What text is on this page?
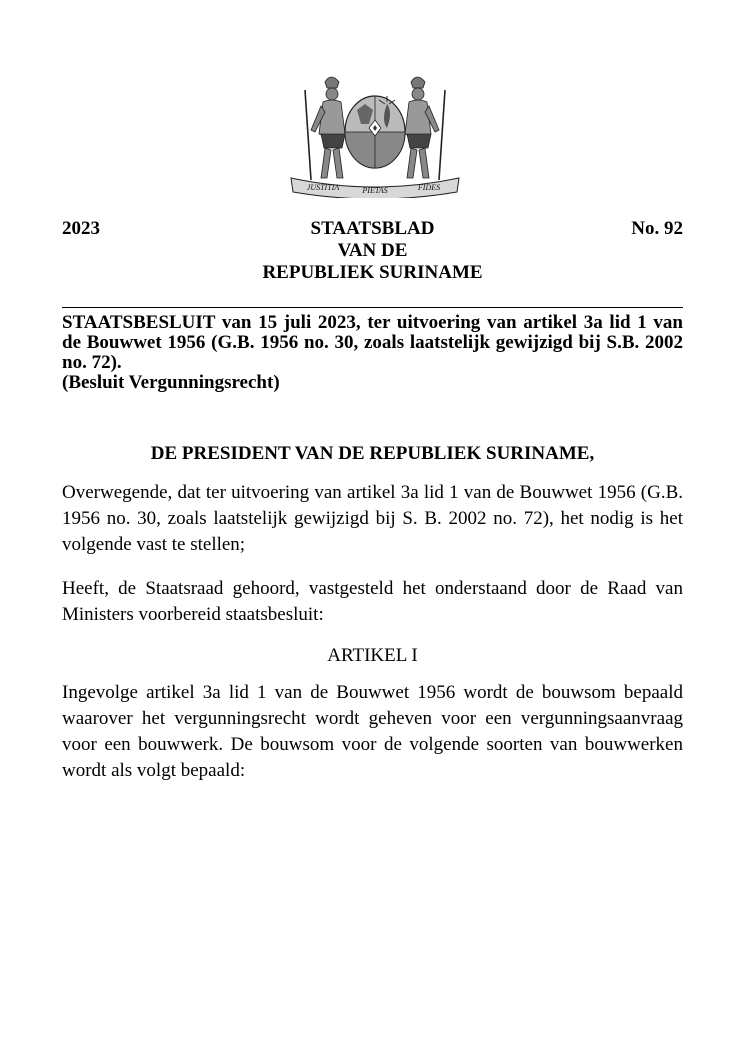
JUSTITIA	PIETAS	FIDES
STAATSBLAD
VAN DE
REPUBLIEK SURINAME
2023	No. 92
STAATSBESLUIT van 15 juli 2023, ter uitvoering van artikel 3a lid 1 van de Bouwwet 1956 (G.B. 1956 no. 30, zoals laatstelijk gewijzigd bij S.B. 2002 no. 72).
(Besluit Vergunningsrecht)
DE PRESIDENT VAN DE REPUBLIEK SURINAME,
Overwegende, dat ter uitvoering van artikel 3a lid 1 van de Bouwwet 1956 (G.B. 1956 no. 30, zoals laatstelijk gewijzigd bij S. B. 2002 no. 72), het nodig is het volgende vast te stellen;
Heeft, de Staatsraad gehoord, vastgesteld het onderstaand door de Raad van Ministers voorbereid staatsbesluit:
ARTIKEL I
Ingevolge artikel 3a lid 1 van de Bouwwet 1956 wordt de bouwsom bepaald waarover het vergunningsrecht wordt geheven voor een vergunningsaanvraag voor een bouwwerk. De bouwsom voor de volgende soorten van bouwwerken wordt als volgt bepaald:
